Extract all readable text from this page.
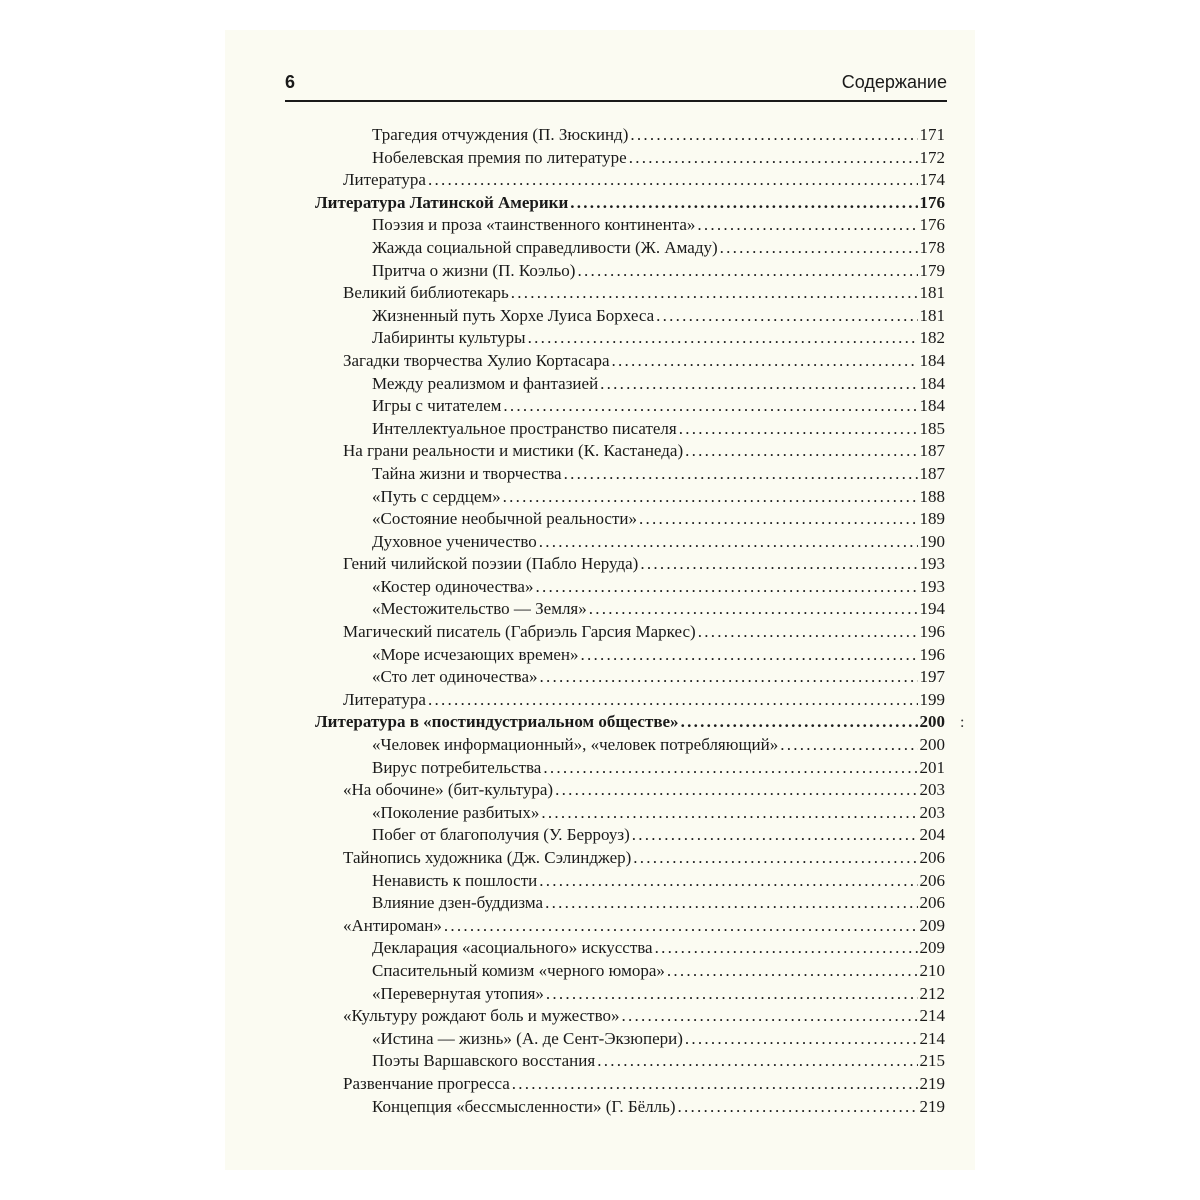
6	Содержание
Трагедия отчуждения (П. Зюскинд) . . .	171
Нобелевская премия по литературе . . .	172
Литература . . .	174
Литература Латинской Америки . . .	176
Поэзия и проза «таинственного континента» . . .	176
Жажда социальной справедливости (Ж. Амаду) . . .	178
Притча о жизни (П. Коэльо) . . .	179
Великий библиотекарь . . .	181
Жизненный путь Хорхе Луиса Борхеса . . .	181
Лабиринты культуры . . .	182
Загадки творчества Хулио Кортасара . . .	184
Между реализмом и фантазией . . .	184
Игры с читателем . . .	184
Интеллектуальное пространство писателя . . .	185
На грани реальности и мистики (К. Кастанеда) . . .	187
Тайна жизни и творчества . . .	187
«Путь с сердцем» . . .	188
«Состояние необычной реальности» . . .	189
Духовное ученичество . . .	190
Гений чилийской поэзии (Пабло Неруда) . . .	193
«Костер одиночества» . . .	193
«Местожительство — Земля» . . .	194
Магический писатель (Габриэль Гарсия Маркес) . . .	196
«Море исчезающих времен» . . .	196
«Сто лет одиночества» . . .	197
Литература . . .	199
Литература в «постиндустриальном обществе» . . .	200
«Человек информационный», «человек потребляющий» . . .	200
Вирус потребительства . . .	201
«На обочине» (бит-культура) . . .	203
«Поколение разбитых» . . .	203
Побег от благополучия (У. Берроуз) . . .	204
Тайнопись художника (Дж. Сэлинджер) . . .	206
Ненависть к пошлости . . .	206
Влияние дзен-буддизма . . .	206
«Антироман» . . .	209
Декларация «асоциального» искусства . . .	209
Спасительный комизм «черного юмора» . . .	210
«Перевернутая утопия» . . .	212
«Культуру рождают боль и мужество» . . .	214
«Истина — жизнь» (А. де Сент-Экзюпери) . . .	214
Поэты Варшавского восстания . . .	215
Развенчание прогресса . . .	219
Концепция «бессмысленности» (Г. Бёлль) . . .	219
:
